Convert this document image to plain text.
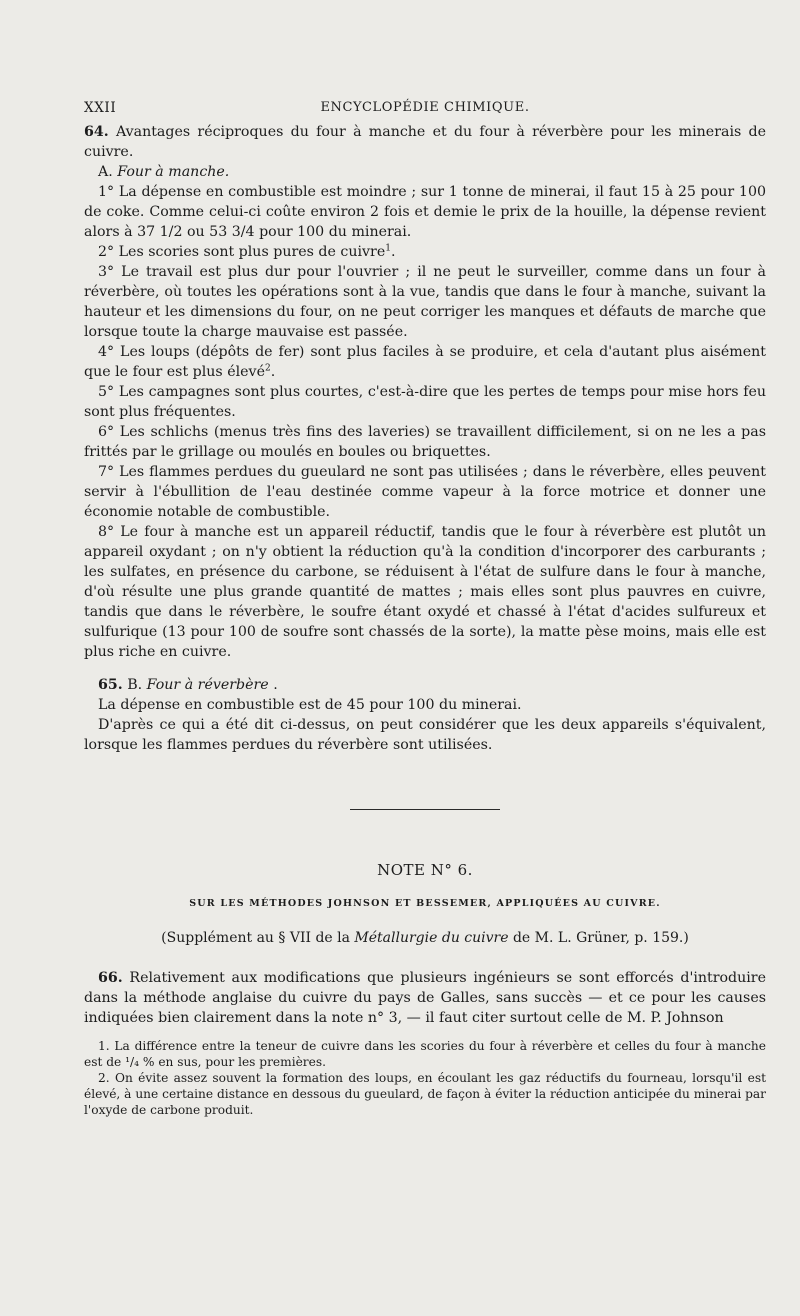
XXII	ENCYCLOPÉDIE CHIMIQUE.

64. Avantages réciproques du four à manche et du four à réverbère pour les minerais de cuivre.

A. Four à manche.

1° La dépense en combustible est moindre ; sur 1 tonne de minerai, il faut 15 à 25 pour 100 de coke. Comme celui-ci coûte environ 2 fois et demie le prix de la houille, la dépense revient alors à 37 1/2 ou 53 3/4 pour 100 du minerai.

2° Les scories sont plus pures de cuivre$^1$.

3° Le travail est plus dur pour l'ouvrier ; il ne peut le surveiller, comme dans un four à réverbère, où toutes les opérations sont à la vue, tandis que dans le four à manche, suivant la hauteur et les dimensions du four, on ne peut corriger les manques et défauts de marche que lorsque toute la charge mauvaise est passée.

4° Les loups (dépôts de fer) sont plus faciles à se produire, et cela d'autant plus aisément que le four est plus élevé$^2$.

5° Les campagnes sont plus courtes, c'est-à-dire que les pertes de temps pour mise hors feu sont plus fréquentes.

6° Les schlichs (menus très fins des laveries) se travaillent difficilement, si on ne les a pas frittés par le grillage ou moulés en boules ou briquettes.

7° Les flammes perdues du gueulard ne sont pas utilisées ; dans le réverbère, elles peuvent servir à l'ébullition de l'eau destinée comme vapeur à la force motrice et donner une économie notable de combustible.

8° Le four à manche est un appareil réductif, tandis que le four à réverbère est plutôt un appareil oxydant ; on n'y obtient la réduction qu'à la condition d'incorporer des carburants ; les sulfates, en présence du carbone, se réduisent à l'état de sulfure dans le four à manche, d'où résulte une plus grande quantité de mattes ; mais elles sont plus pauvres en cuivre, tandis que dans le réverbère, le soufre étant oxydé et chassé à l'état d'acides sulfureux et sulfurique (13 pour 100 de soufre sont chassés de la sorte), la matte pèse moins, mais elle est plus riche en cuivre.

65. B. Four à réverbère .

La dépense en combustible est de 45 pour 100 du minerai.

D'après ce qui a été dit ci-dessus, on peut considérer que les deux appareils s'équivalent, lorsque les flammes perdues du réverbère sont utilisées.

NOTE N° 6.
SUR LES MÉTHODES JOHNSON ET BESSEMER, APPLIQUÉES AU CUIVRE.
(Supplément au § VII de la Métallurgie du cuivre de M. L. Grüner, p. 159.)

66. Relativement aux modifications que plusieurs ingénieurs se sont efforcés d'introduire dans la méthode anglaise du cuivre du pays de Galles, sans succès — et ce pour les causes indiquées bien clairement dans la note n° 3, — il faut citer surtout celle de M. P. Johnson

1. La différence entre la teneur de cuivre dans les scories du four à réverbère et celles du four à manche est de ¹/₄ % en sus, pour les premières.

2. On évite assez souvent la formation des loups, en écoulant les gaz réductifs du fourneau, lorsqu'il est élevé, à une certaine distance en dessous du gueulard, de façon à éviter la réduction anticipée du minerai par l'oxyde de carbone produit.
